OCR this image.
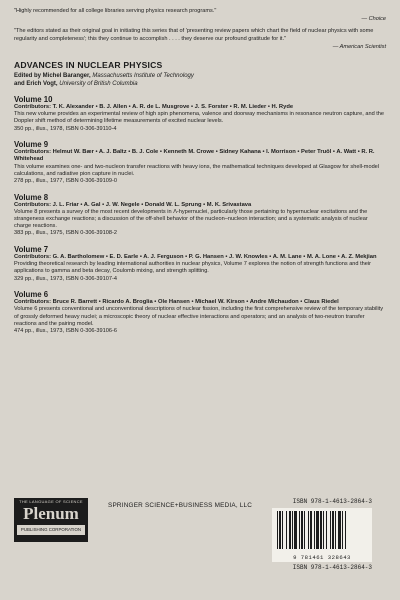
"Highly recommended for all college libraries serving physics research programs."
— Choice
"The editors stated as their original goal in initiating this series that of 'presenting review papers which chart the field of nuclear physics with some regularity and completeness'; this they continue to accomplish . . . . they deserve our profound gratitude for it."
— American Scientist
ADVANCES IN NUCLEAR PHYSICS
Edited by Michel Baranger, Massachusetts Institute of Technology
and Erich Vogt, University of British Columbia
Volume 10
Contributors: T. K. Alexander • B. J. Allen • A. R. de L. Musgrove • J. S. Forster • R. M. Lieder • H. Ryde
This new volume provides an experimental review of high spin phenomena, valence and doorway mechanisms in resonance neutron capture, and the Doppler shift method of determining lifetime measurements of excited nuclear levels.
350 pp., illus., 1978, ISBN 0-306-39110-4
Volume 9
Contributors: Helmut W. Bær • A. J. Baltz • B. J. Cole • Kenneth M. Crowe • Sidney Kahana • I. Morrison • Peter Truöl • A. Watt • R. R. Whitehead
This volume examines one- and two-nucleon transfer reactions with heavy ions, the mathematical techniques developed at Glasgow for shell-model calculations, and radiative pion capture in nuclei.
278 pp., illus., 1977, ISBN 0-306-39109-0
Volume 8
Contributors: J. L. Friar • A. Gal • J. W. Negele • Donald W. L. Sprung • M. K. Srivastava
Volume 8 presents a survey of the most recent developments in Λ-hypernuclei, particularly those pertaining to hypernuclear excitations and the strangeness exchange reactions; a discussion of the off-shell behavior of the nucleon–nucleon interaction; and a systematic analysis of nuclear charge reactions.
383 pp., illus., 1975, ISBN 0-306-39108-2
Volume 7
Contributors: G. A. Bartholomew • E. D. Earle • A. J. Ferguson • P. G. Hansen • J. W. Knowles • A. M. Lane • M. A. Lone • A. Z. Mekjian
Providing theoretical research by leading international authorities in nuclear physics, Volume 7 explores the notion of strength functions and their applications to gamma and beta decay, Coulomb mixing, and strength splitting.
329 pp., illus., 1973, ISBN 0-306-39107-4
Volume 6
Contributors: Bruce R. Barrett • Ricardo A. Broglia • Ole Hansen • Michael W. Kirson • Andre Michaudon • Claus Riedel
Volume 6 presents conventional and unconventional descriptions of nuclear fission, including the first comprehensive review of the temporary stability of grossly deformed heavy nuclei; a microscopic theory of nuclear effective interactions and operators; and an analysis of two-neutron transfer reactions and the pairing model.
474 pp., illus., 1973, ISBN 0-306-39106-6
THE LANGUAGE OF SCIENCE
Plenum
PUBLISHING CORPORATION
SPRINGER SCIENCE+BUSINESS MEDIA, LLC
ISBN 978-1-4613-2864-3
9 781461 328643
ISBN 978-1-4613-2864-3
